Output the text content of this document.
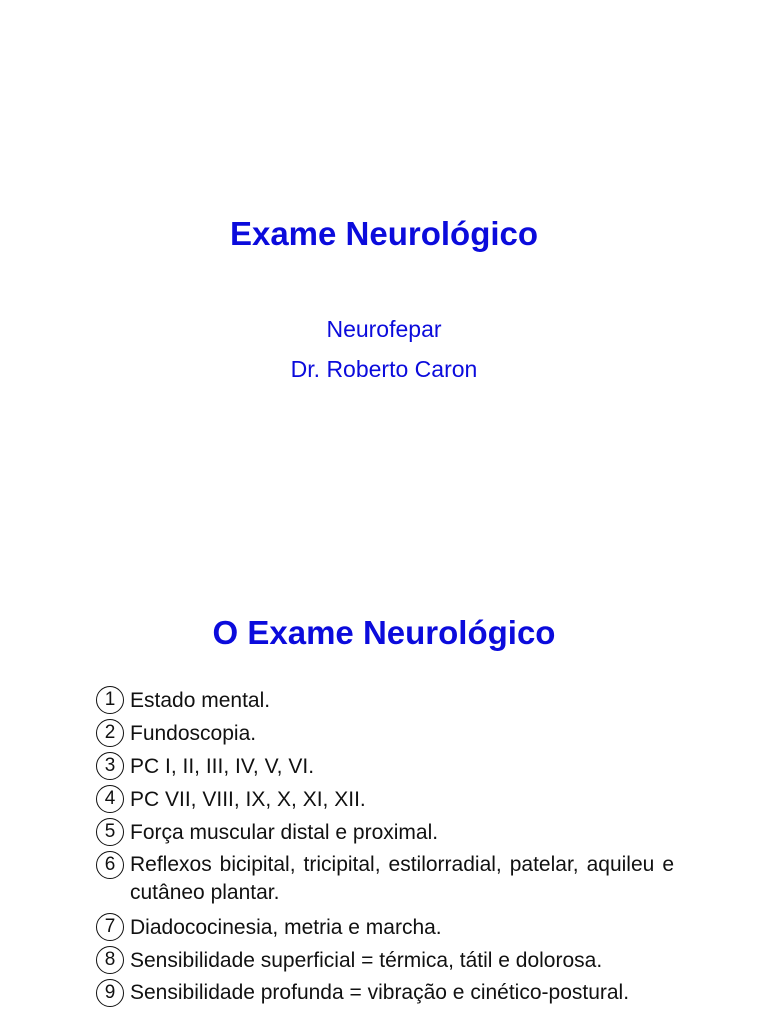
Exame Neurológico
Neurofepar
Dr. Roberto Caron
O Exame Neurológico
1 Estado mental.
2 Fundoscopia.
3 PC I, II, III, IV, V, VI.
4 PC VII, VIII, IX, X, XI, XII.
5 Força muscular distal e proximal.
6 Reflexos bicipital, tricipital, estilorradial, patelar, aquileu e cutâneo plantar.
7 Diadococinesia, metria e marcha.
8 Sensibilidade superficial = térmica, tátil e dolorosa.
9 Sensibilidade profunda = vibração e cinético-postural.
